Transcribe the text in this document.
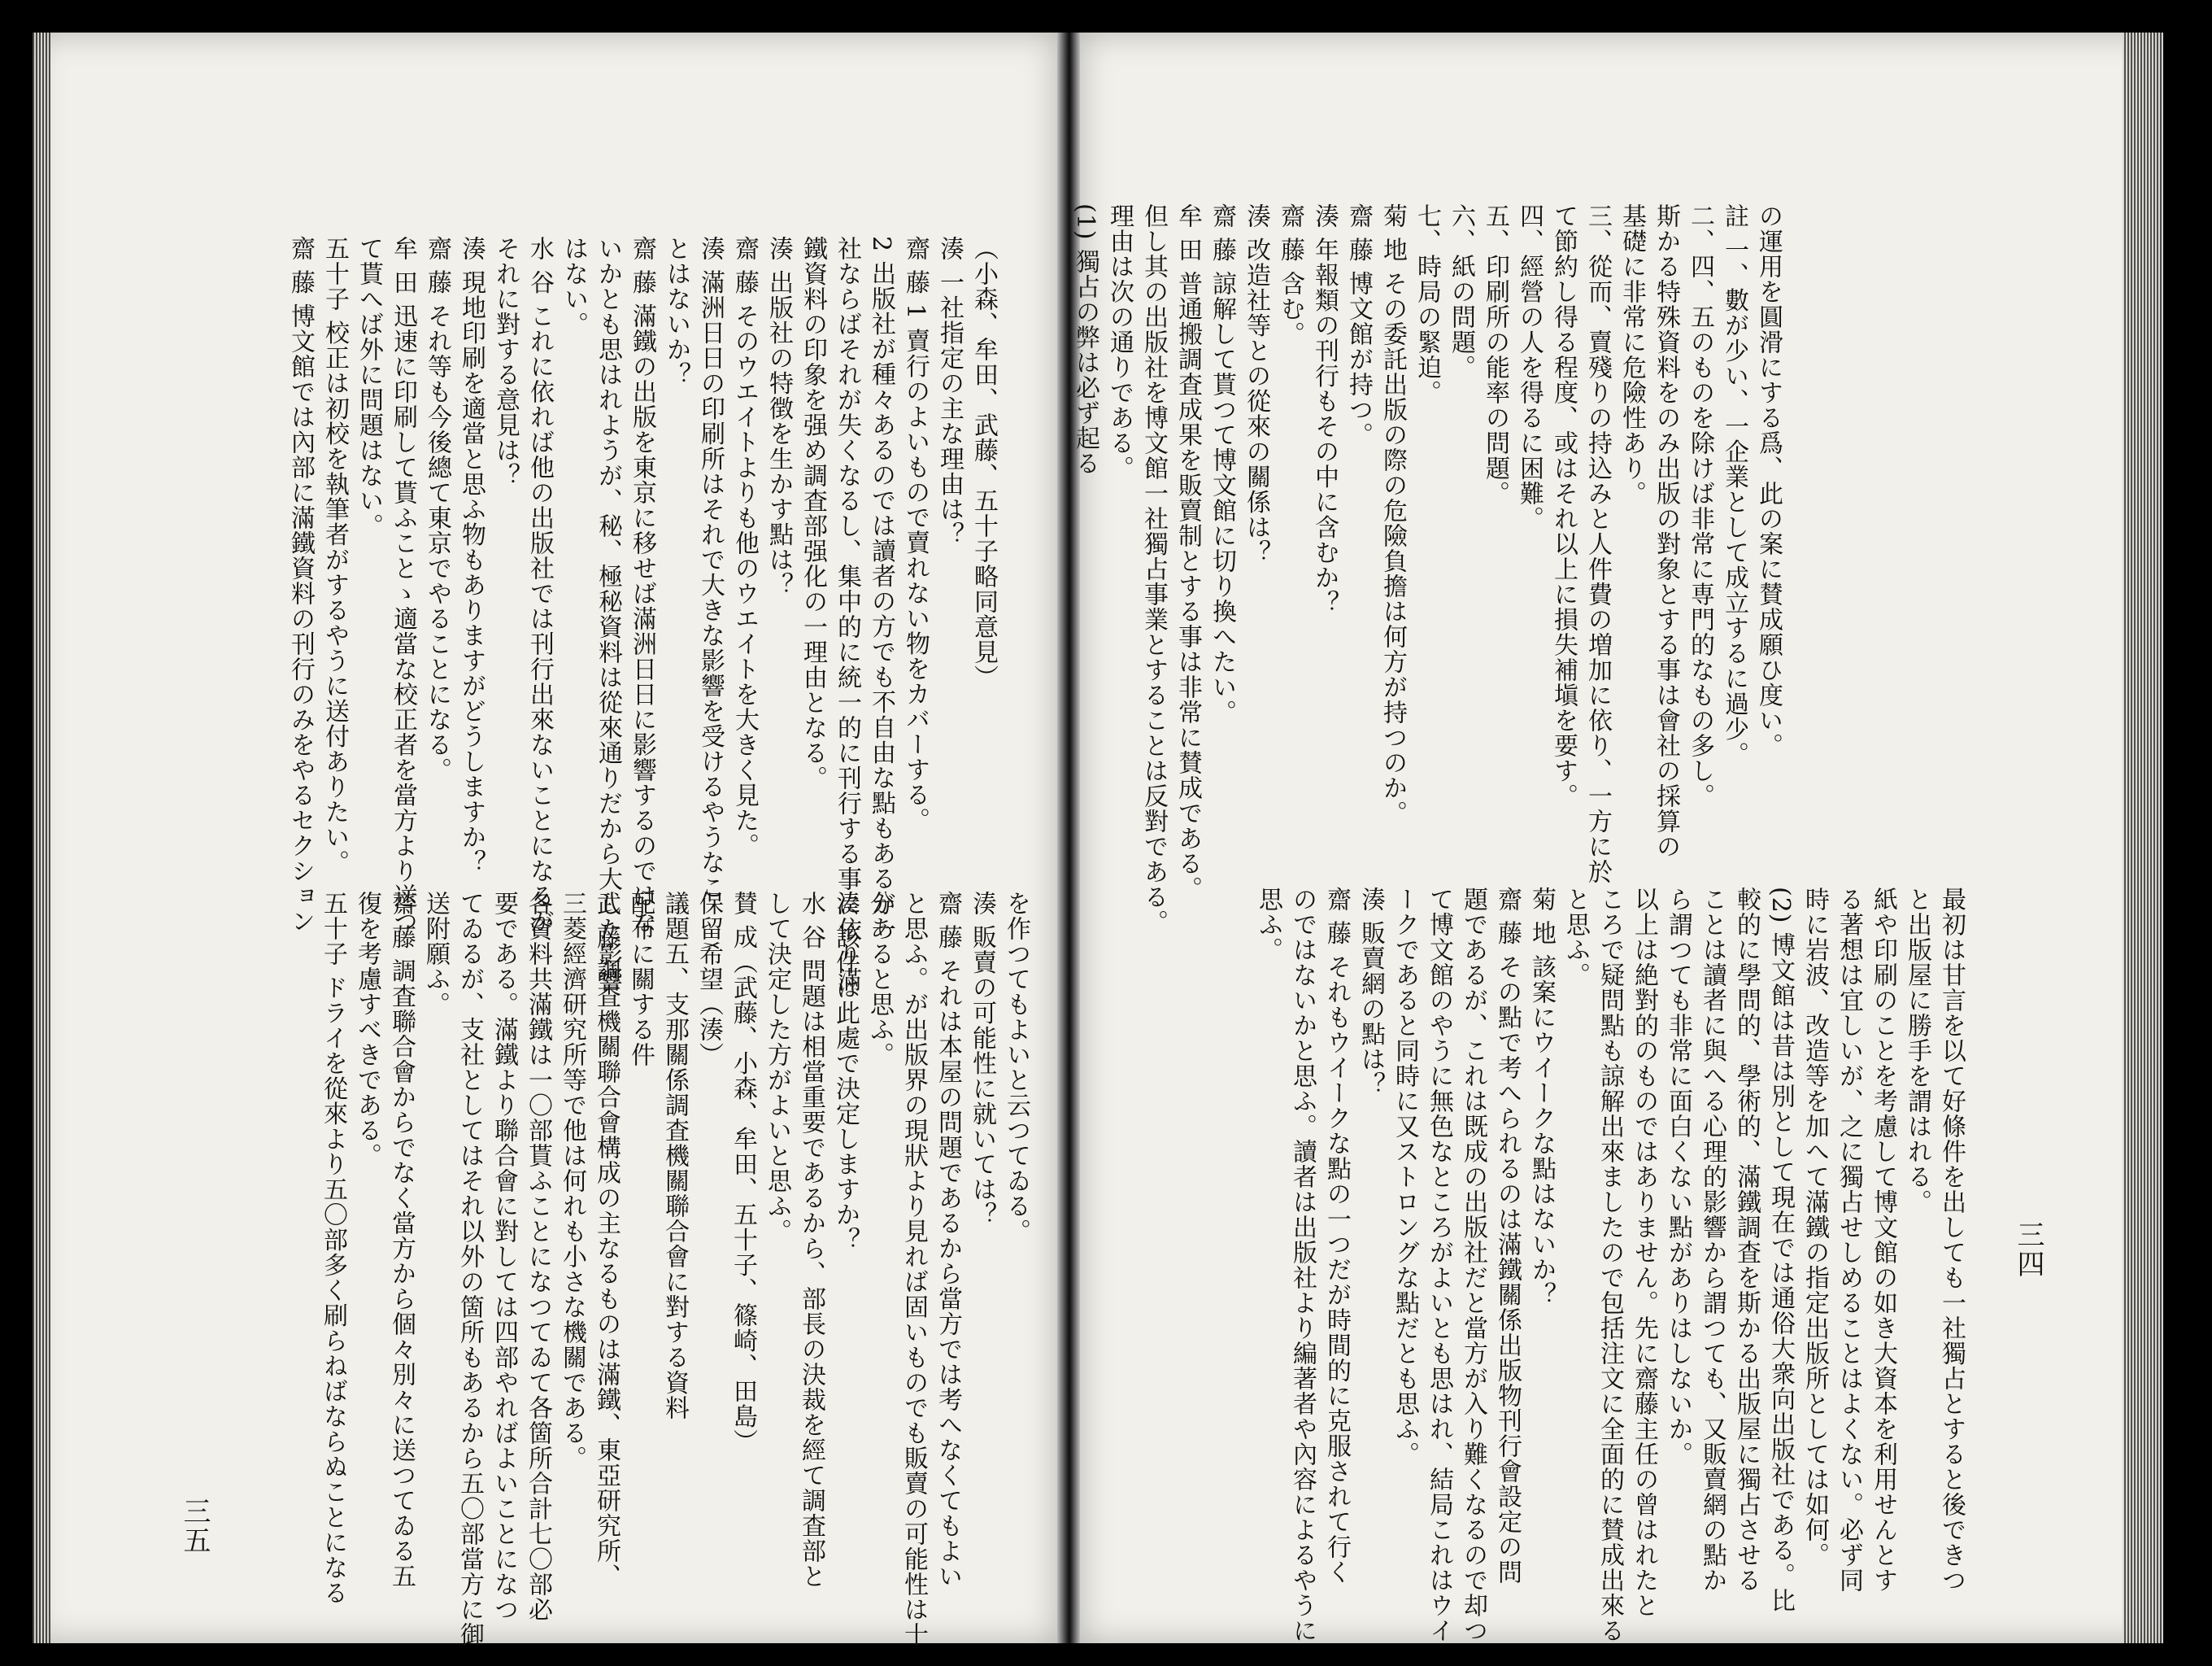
三四
の運用を圓滑にする爲、此の案に賛成願ひ度い。
註 一、數が少い、一企業として成立するに過少。
二、四、五のものを除けば非常に専門的なもの多し。
斯かる特殊資料をのみ出版の對象とする事は會社の採算の
基礎に非常に危險性あり。
三、從而、賣殘りの持込みと人件費の増加に依り、一方に於
て節約し得る程度、或はそれ以上に損失補塡を要す。
四、經營の人を得るに困難。
五、印刷所の能率の問題。
六、紙の問題。
七、時局の緊迫。
菊 地 その委託出版の際の危險負擔は何方が持つのか。
齋 藤 博文館が持つ。
湊 年報類の刊行もその中に含むか？
齋 藤 含む。
湊 改造社等との從來の關係は？
齋 藤 諒解して貰つて博文館に切り換へたい。
牟 田 普通搬調査成果を販賣制とする事は非常に賛成である。
但し其の出版社を博文館一社獨占事業とすることは反對である。
理由は次の通りである。
(1) 獨占の弊は必ず起る
最初は甘言を以て好條件を出しても一社獨占とすると後できつ
と出版屋に勝手を謂はれる。
紙や印刷のことを考慮して博文館の如き大資本を利用せんとす
る著想は宜しいが、之に獨占せしめることはよくない。必ず同
時に岩波、改造等を加へて滿鐵の指定出版所としては如何。
(2) 博文館は昔は別として現在では通俗大衆向出版社である。比
較的に學問的、學術的、滿鐵調査を斯かる出版屋に獨占させる
ことは讀者に與へる心理的影響から謂つても、又販賣網の點か
ら謂つても非常に面白くない點がありはしないか。
以上は絶對的のものではありません。先に齋藤主任の曾はれたと
ころで疑問點も諒解出來ましたので包括注文に全面的に賛成出來る
と思ふ。
菊 地 該案にウイークな點はないか？
齋 藤 その點で考へられるのは滿鐵關係出版物刊行會設定の問
題であるが、これは既成の出版社だと當方が入り難くなるので却つ
て博文館のやうに無色なところがよいとも思はれ、結局これはウイ
ークであると同時に又ストロングな點だとも思ふ。
湊 販賣網の點は？
齋 藤 それもウイークな點の一つだが時間的に克服されて行く
のではないかと思ふ。讀者は出版社より編著者や內容によるやうに
思ふ。
三五
（小森、牟田、武藤、五十子略同意見）
湊 一社指定の主な理由は？
齋 藤 1 賣行のよいもので賣れない物をカバーする。
2 出版社が種々あるのでは讀者の方でも不自由な點もあるが一
社ならばそれが失くなるし、集中的に統一的に刊行する事に依り滿
鐵資料の印象を强め調査部强化の一理由となる。
湊 出版社の特徴を生かす點は？
齋 藤 そのウエイトよりも他のウエイトを大きく見た。
湊 滿洲日日の印刷所はそれで大きな影響を受けるやうなこ
とはないか？
齋 藤 滿鐵の出版を東京に移せば滿洲日日に影響するのではな
いかとも思はれようが、秘、極秘資料は從來通りだから大した影響
はない。
水 谷 これに依れば他の出版社では刊行出來ないことになるが
それに對する意見は？
湊 現地印刷を適當と思ふ物もありますがどうしますか？
齋 藤 それ等も今後總て東京でやることになる。
牟 田 迅速に印刷して貰ふことゝ適當な校正者を當方より送つ
て貰へば外に問題はない。
五十子 校正は初校を執筆者がするやうに送付ありたい。
齋 藤 博文館では內部に滿鐵資料の刊行のみをやるセクション
を作つてもよいと云つてゐる。
湊 販賣の可能性に就いては？
齋 藤 それは本屋の問題であるから當方では考へなくてもよい
と思ふ。が出版界の現狀より見れば固いものでも販賣の可能性は十
分あると思ふ。
湊 該件は此處で決定しますか？
水 谷 問題は相當重要であるから、部長の決裁を經て調査部と
して決定した方がよいと思ふ。
賛 成（武藤、小森、牟田、五十子、篠崎、田島）
保留希望（湊）
議題五、支那關係調査機關聯合會に對する資料
配布に關する件
武 藤 調査機關聯合會構成の主なるものは滿鐵、東亞研究所、
三菱經濟研究所等で他は何れも小さな機關である。
各資料共滿鐵は一〇部貰ふことになつてゐて各箇所合計七〇部必
要である。滿鐵より聯合會に對しては四部やればよいことになつ
てゐるが、支社としてはそれ以外の箇所もあるから五〇部當方に御
送附願ふ。
齋 藤 調査聯合會からでなく當方から個々別々に送つてゐる五
復を考慮すべきである。
五十子 ドライを從來より五〇部多く刷らねばならぬことになる
